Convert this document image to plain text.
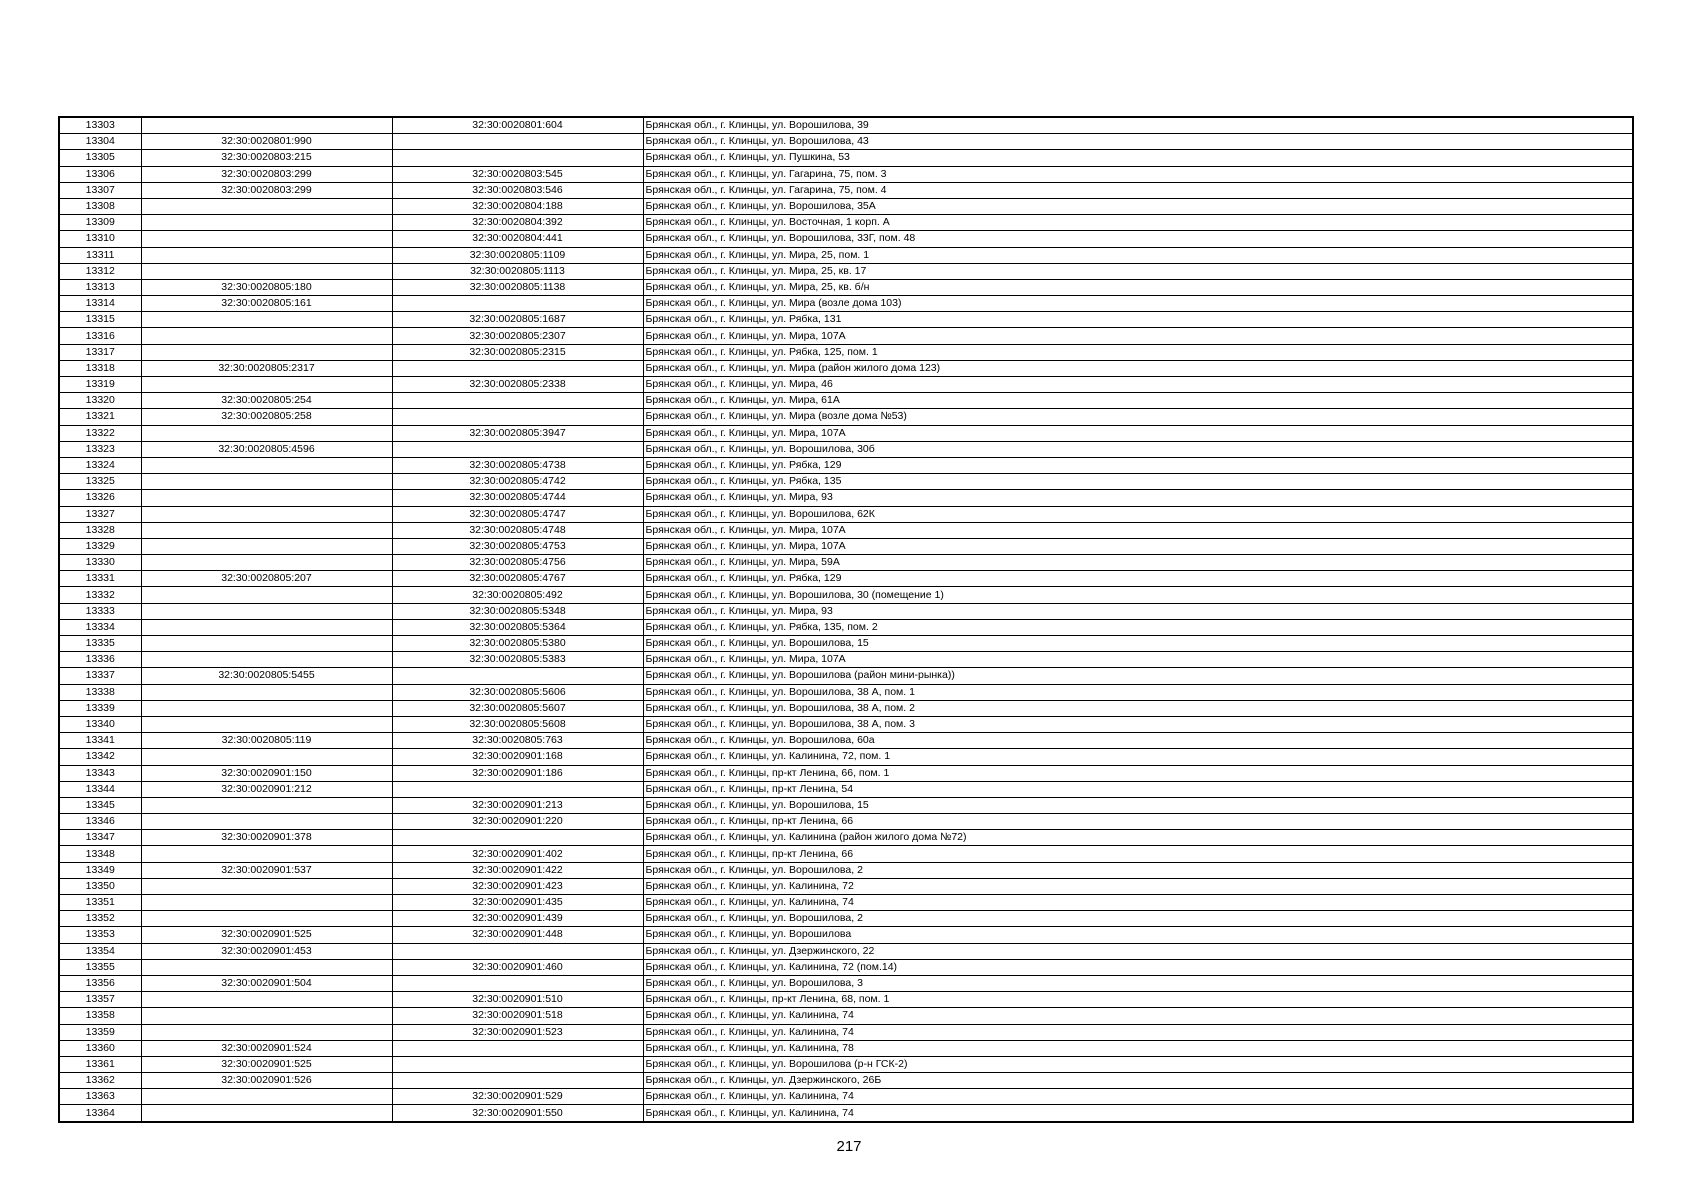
13303		32:30:0020801:604	Брянская обл., г. Клинцы, ул. Ворошилова, 39
13304	32:30:0020801:990		Брянская обл., г. Клинцы, ул. Ворошилова, 43
13305	32:30:0020803:215		Брянская обл., г. Клинцы, ул. Пушкина, 53
13306	32:30:0020803:299	32:30:0020803:545	Брянская обл., г. Клинцы, ул. Гагарина, 75, пом. 3
13307	32:30:0020803:299	32:30:0020803:546	Брянская обл., г. Клинцы, ул. Гагарина, 75, пом. 4
13308		32:30:0020804:188	Брянская обл., г. Клинцы, ул. Ворошилова, 35А
13309		32:30:0020804:392	Брянская обл., г. Клинцы, ул. Восточная, 1 корп. А
13310		32:30:0020804:441	Брянская обл., г. Клинцы, ул. Ворошилова, 33Г, пом. 48
13311		32:30:0020805:1109	Брянская обл., г. Клинцы, ул. Мира, 25, пом. 1
13312		32:30:0020805:1113	Брянская обл., г. Клинцы, ул. Мира, 25, кв. 17
13313	32:30:0020805:180	32:30:0020805:1138	Брянская обл., г. Клинцы, ул. Мира, 25, кв. б/н
13314	32:30:0020805:161		Брянская обл., г. Клинцы, ул. Мира (возле дома 103)
13315		32:30:0020805:1687	Брянская обл., г. Клинцы, ул. Рябка, 131
13316		32:30:0020805:2307	Брянская обл., г. Клинцы, ул. Мира, 107А
13317		32:30:0020805:2315	Брянская обл., г. Клинцы, ул. Рябка, 125, пом. 1
13318	32:30:0020805:2317		Брянская обл., г. Клинцы, ул. Мира (район жилого дома 123)
13319		32:30:0020805:2338	Брянская обл., г. Клинцы, ул. Мира, 46
13320	32:30:0020805:254		Брянская обл., г. Клинцы, ул. Мира, 61А
13321	32:30:0020805:258		Брянская обл., г. Клинцы, ул. Мира (возле дома №53)
13322		32:30:0020805:3947	Брянская обл., г. Клинцы, ул. Мира, 107А
13323	32:30:0020805:4596		Брянская обл., г. Клинцы, ул. Ворошилова, 30б
13324		32:30:0020805:4738	Брянская обл., г. Клинцы, ул. Рябка, 129
13325		32:30:0020805:4742	Брянская обл., г. Клинцы, ул. Рябка, 135
13326		32:30:0020805:4744	Брянская обл., г. Клинцы, ул. Мира, 93
13327		32:30:0020805:4747	Брянская обл., г. Клинцы, ул. Ворошилова, 62К
13328		32:30:0020805:4748	Брянская обл., г. Клинцы, ул. Мира, 107А
13329		32:30:0020805:4753	Брянская обл., г. Клинцы, ул. Мира, 107А
13330		32:30:0020805:4756	Брянская обл., г. Клинцы, ул. Мира, 59А
13331	32:30:0020805:207	32:30:0020805:4767	Брянская обл., г. Клинцы, ул. Рябка, 129
13332		32:30:0020805:492	Брянская обл., г. Клинцы, ул. Ворошилова, 30 (помещение 1)
13333		32:30:0020805:5348	Брянская обл., г. Клинцы, ул. Мира, 93
13334		32:30:0020805:5364	Брянская обл., г. Клинцы, ул. Рябка, 135, пом. 2
13335		32:30:0020805:5380	Брянская обл., г. Клинцы, ул. Ворошилова, 15
13336		32:30:0020805:5383	Брянская обл., г. Клинцы, ул. Мира, 107А
13337	32:30:0020805:5455		Брянская обл., г. Клинцы, ул. Ворошилова (район мини-рынка))
13338		32:30:0020805:5606	Брянская обл., г. Клинцы, ул. Ворошилова, 38 А, пом. 1
13339		32:30:0020805:5607	Брянская обл., г. Клинцы, ул. Ворошилова, 38 А, пом. 2
13340		32:30:0020805:5608	Брянская обл., г. Клинцы, ул. Ворошилова, 38 А, пом. 3
13341	32:30:0020805:119	32:30:0020805:763	Брянская обл., г. Клинцы, ул. Ворошилова, 60а
13342		32:30:0020901:168	Брянская обл., г. Клинцы, ул. Калинина, 72, пом. 1
13343	32:30:0020901:150	32:30:0020901:186	Брянская обл., г. Клинцы, пр-кт Ленина, 66, пом. 1
13344	32:30:0020901:212		Брянская обл., г. Клинцы, пр-кт Ленина, 54
13345		32:30:0020901:213	Брянская обл., г. Клинцы, ул. Ворошилова, 15
13346		32:30:0020901:220	Брянская обл., г. Клинцы, пр-кт Ленина, 66
13347	32:30:0020901:378		Брянская обл., г. Клинцы, ул. Калинина (район жилого дома №72)
13348		32:30:0020901:402	Брянская обл., г. Клинцы, пр-кт Ленина, 66
13349	32:30:0020901:537	32:30:0020901:422	Брянская обл., г. Клинцы, ул. Ворошилова, 2
13350		32:30:0020901:423	Брянская обл., г. Клинцы, ул. Калинина, 72
13351		32:30:0020901:435	Брянская обл., г. Клинцы, ул. Калинина, 74
13352		32:30:0020901:439	Брянская обл., г. Клинцы, ул. Ворошилова, 2
13353	32:30:0020901:525	32:30:0020901:448	Брянская обл., г. Клинцы, ул. Ворошилова
13354	32:30:0020901:453		Брянская обл., г. Клинцы, ул. Дзержинского, 22
13355		32:30:0020901:460	Брянская обл., г. Клинцы, ул. Калинина, 72 (пом.14)
13356	32:30:0020901:504		Брянская обл., г. Клинцы, ул. Ворошилова, 3
13357		32:30:0020901:510	Брянская обл., г. Клинцы, пр-кт Ленина, 68, пом. 1
13358		32:30:0020901:518	Брянская обл., г. Клинцы, ул. Калинина, 74
13359		32:30:0020901:523	Брянская обл., г. Клинцы, ул. Калинина, 74
13360	32:30:0020901:524		Брянская обл., г. Клинцы, ул. Калинина, 78
13361	32:30:0020901:525		Брянская обл., г. Клинцы, ул. Ворошилова (р-н ГСК-2)
13362	32:30:0020901:526		Брянская обл., г. Клинцы, ул. Дзержинского, 26Б
13363		32:30:0020901:529	Брянская обл., г. Клинцы, ул. Калинина, 74
13364		32:30:0020901:550	Брянская обл., г. Клинцы, ул. Калинина, 74
217
